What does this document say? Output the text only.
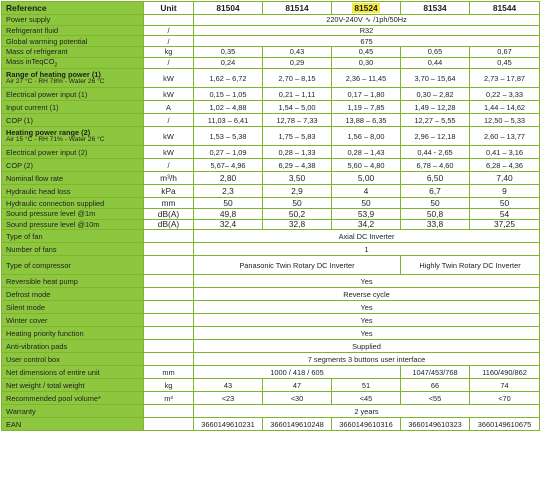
Reference	Unit	81504	81514	81524	81534	81544
Power supply		220V-240V ∿ /1ph/50Hz				
Refrigerant fluid	/	R32				
Global warming potential	/	675				
Mass of refrigerant	kg	0,35	0,43	0,45	0,65	0,67
Mass inTeqCO$_2$	/	0,24	0,29	0,30	0,44	0,45
Range of heating power (1)
Air 27 °C - RH 78% - Water 26 °C	kW	1,62 – 6,72	2,70 – 8,15	2,36 – 11,45	3,70 – 15,64	2,73 – 17,87
Electrical power input (1)	kW	0,15 – 1,05	0,21 – 1,11	0,17 – 1,80	0,30 – 2,82	0,22 – 3,33
Input current (1)	A	1,02 – 4,88	1,54 – 5,00	1,19 – 7,85	1,49 – 12,28	1,44 – 14,62
COP (1)	/	11,03 – 6,41	12,78 – 7,33	13,88 – 6,35	12,27 – 5,55	12,50 – 5,33
Heating power range (2)
Air 15 °C - RH 71% - Water 26 °C	kW	1,53 – 5,38	1,75 – 5,83	1,56 – 8,00	2,96 – 12,18	2,60 – 13,77
Electrical power input (2)	kW	0,27 – 1,09	0,28 – 1,33	0,28 – 1,43	0,44 - 2,65	0,41 – 3,16
COP (2)	/	5,67– 4,96	6,29 – 4,38	5,60 – 4,80	6,78 – 4,60	6,28 – 4,36
Nominal flow rate	m³/h	2,80	3,50	5,00	6,50	7,40
Hydraulic head loss	kPa	2,3	2,9	4	6,7	9
Hydraulic connection supplied	mm	50	50	50	50	50
Sound pressure level @1m	dB(A)	49,8	50,2	53,9	50,8	54
Sound pressure level @10m	dB(A)	32,4	32,8	34,2	33,8	37,25
Type of fan		Axial DC Inverter				
Number of fans		1				
Type of compressor		Panasonic Twin Rotary DC Inverter			Highly Twin Rotary DC Inverter	
Reversible heat pump		Yes				
Defrost mode		Reverse cycle				
Silent mode		Yes				
Winter cover		Yes				
Heating priority function		Yes				
Anti-vibration pads		Supplied				
User control box		7 segments 3 buttons user interface				
Net dimensions of entire unit	mm	1000 / 418 / 605			1047/453/768	1160/490/862
Net weight / total weight	kg	43	47	51	66	74
Recommended pool volume*	m³	<23	<30	<45	<55	<70
Warranty		2 years				
EAN		3660149610231	3660149610248	3660149610316	3660149610323	3660149610675
